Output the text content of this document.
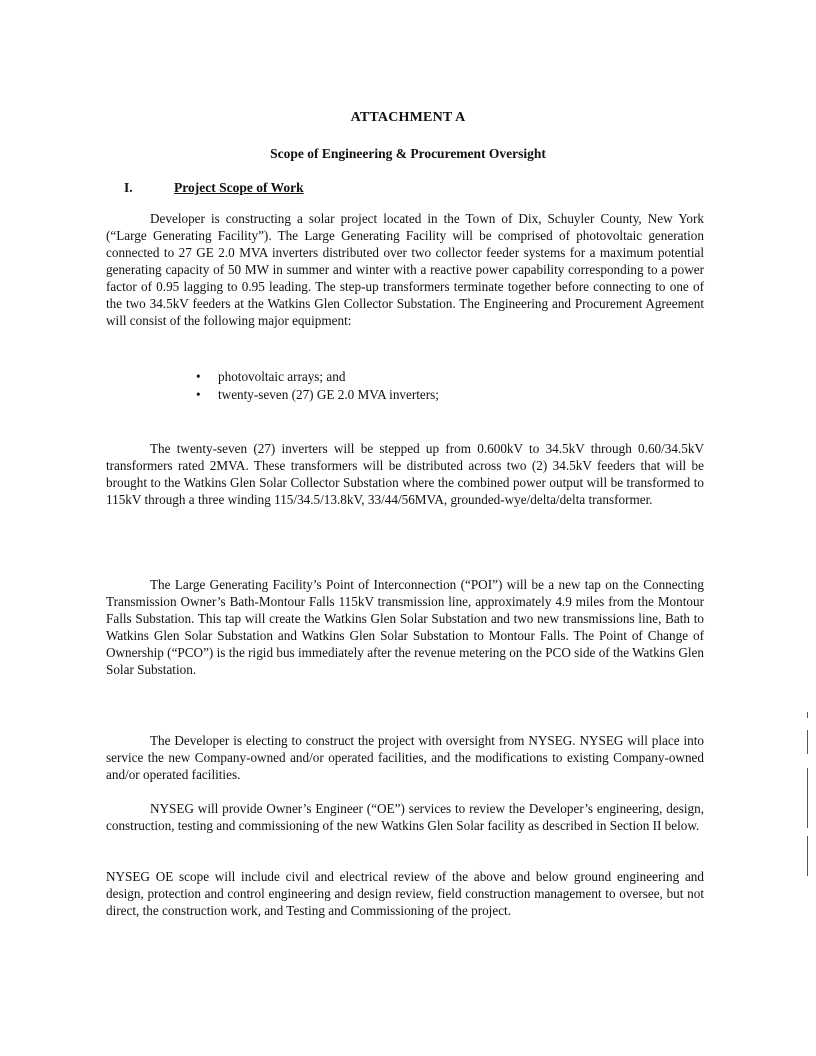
ATTACHMENT A
Scope of Engineering & Procurement Oversight
I.	Project Scope of Work

Developer is constructing a solar project located in the Town of Dix, Schuyler County, New York (“Large Generating Facility”). The Large Generating Facility will be comprised of photovoltaic generation connected to 27 GE 2.0 MVA inverters distributed over two collector feeder systems for a maximum potential generating capacity of 50 MW in summer and winter with a reactive power capability corresponding to a power factor of 0.95 lagging to 0.95 leading. The step-up transformers terminate together before connecting to one of the two 34.5kV feeders at the Watkins Glen Collector Substation. The Engineering and Procurement Agreement will consist of the following major equipment:

• photovoltaic arrays; and
• twenty-seven (27) GE 2.0 MVA inverters;

The twenty-seven (27) inverters will be stepped up from 0.600kV to 34.5kV through 0.60/34.5kV transformers rated 2MVA. These transformers will be distributed across two (2) 34.5kV feeders that will be brought to the Watkins Glen Solar Collector Substation where the combined power output will be transformed to 115kV through a three winding 115/34.5/13.8kV, 33/44/56MVA, grounded-wye/delta/delta transformer.

The Large Generating Facility’s Point of Interconnection (“POI”) will be a new tap on the Connecting Transmission Owner’s Bath-Montour Falls 115kV transmission line, approximately 4.9 miles from the Montour Falls Substation. This tap will create the Watkins Glen Solar Substation and two new transmissions line, Bath to Watkins Glen Solar Substation and Watkins Glen Solar Substation to Montour Falls. The Point of Change of Ownership (“PCO”) is the rigid bus immediately after the revenue metering on the PCO side of the Watkins Glen Solar Substation.

The Developer is electing to construct the project with oversight from NYSEG. NYSEG will place into service the new Company-owned and/or operated facilities, and the modifications to existing Company-owned and/or operated facilities.

NYSEG will provide Owner’s Engineer (“OE”) services to review the Developer’s engineering, design, construction, testing and commissioning of the new Watkins Glen Solar facility as described in Section II below.

NYSEG OE scope will include civil and electrical review of the above and below ground engineering and design, protection and control engineering and design review, field construction management to oversee, but not direct, the construction work, and Testing and Commissioning of the project.
